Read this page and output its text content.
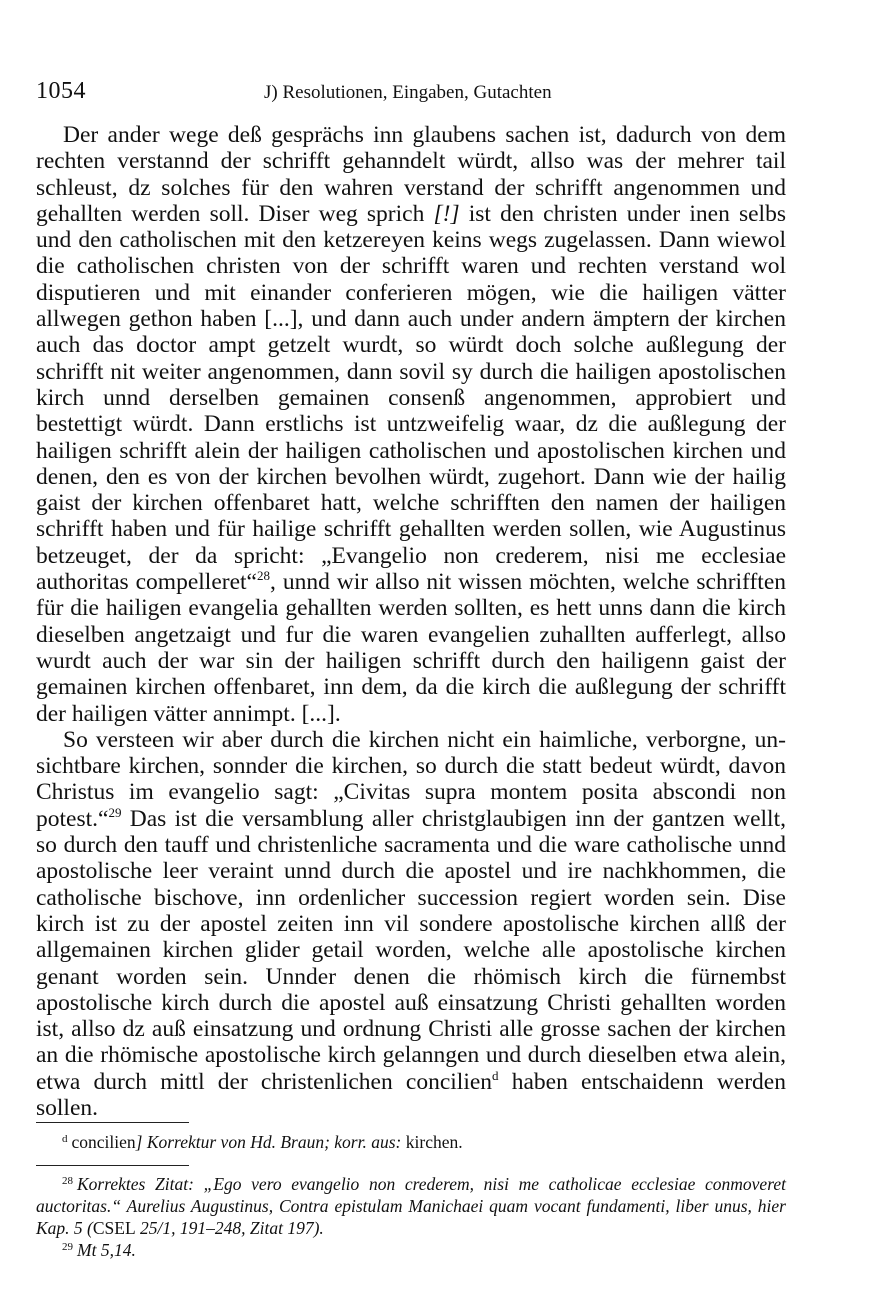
1054	J) Resolutionen, Eingaben, Gutachten

Der ander wege deß gesprächs inn glaubens sachen ist, dadurch von dem rechten verstannd der schrifft gehanndelt würdt, allso was der mehrer tail schleust, dz solches für den wahren verstand der schrifft angenommen und gehallten werden soll. Diser weg sprich [!] ist den christen under inen selbs und den catholischen mit den ketzereyen keins wegs zugelassen. Dann wiewol die catholischen christen von der schrifft waren und rechten verstand wol disputieren und mit einander conferieren mögen, wie die hailigen vätter allwegen gethon haben [...], und dann auch under andern ämptern der kirchen auch das doctor ampt getzelt wurdt, so würdt doch solche außlegung der schrifft nit weiter angenommen, dann sovil sy durch die hailigen apostolischen kirch unnd derselben gemainen consenß angenommen, approbiert und bestettigt würdt. Dann erstlichs ist untzweifelig waar, dz die außlegung der hailigen schrifft alein der hailigen catholischen und apostolischen kirchen und denen, den es von der kirchen bevolhen würdt, zugehort. Dann wie der hailig gaist der kirchen offenbaret hatt, welche schrifften den namen der hailigen schrifft haben und für hailige schrifft gehallten werden sollen, wie Augustinus betzeuget, der da spricht: „Evangelio non crederem, nisi me ecclesiae authoritas compelleret“$^{28}$, unnd wir allso nit wissen möchten, welche schrifften für die hailigen evangelia gehallten werden sollten, es hett unns dann die kirch dieselben angetzaigt und fur die waren evangelien zuhallten aufferlegt, allso wurdt auch der war sin der hailigen schrifft durch den hailigenn gaist der gemainen kirchen offenbaret, inn dem, da die kirch die außlegung der schrifft der hailigen vätter annimpt. [...].

So versteen wir aber durch die kirchen nicht ein haimliche, verborgne, unsichtbare kirchen, sonnder die kirchen, so durch die statt bedeut würdt, davon Christus im evangelio sagt: „Civitas supra montem posita abscondi non potest.“$^{29}$ Das ist die versamblung aller christglaubigen inn der gantzen wellt, so durch den tauff und christenliche sacramenta und die ware catholische unnd apostolische leer veraint unnd durch die apostel und ire nachkhommen, die catholische bischove, inn ordenlicher succession regiert worden sein. Dise kirch ist zu der apostel zeiten inn vil sondere apostolische kirchen allß der allgemainen kirchen glider getail worden, welche alle apostolische kirchen genant worden sein. Unnder denen die rhömisch kirch die fürnembst apostolische kirch durch die apostel auß einsatzung Christi gehallten worden ist, allso dz auß einsatzung und ordnung Christi alle grosse sachen der kirchen an die rhömische apostolische kirch gelanngen und durch dieselben etwa alein, etwa durch mittl der christenlichen concilien$^d$ haben entschaidenn werden sollen.

$^d$ concilien] Korrektur von Hd. Braun; korr. aus: kirchen.
$^{28}$ Korrektes Zitat: „Ego vero evangelio non crederem, nisi me catholicae ecclesiae conmoveret auctoritas.“ Aurelius Augustinus, Contra epistulam Manichaei quam vocant fundamenti, liber unus, hier Kap. 5 (CSEL 25/1, 191–248, Zitat 197).
$^{29}$ Mt 5,14.
